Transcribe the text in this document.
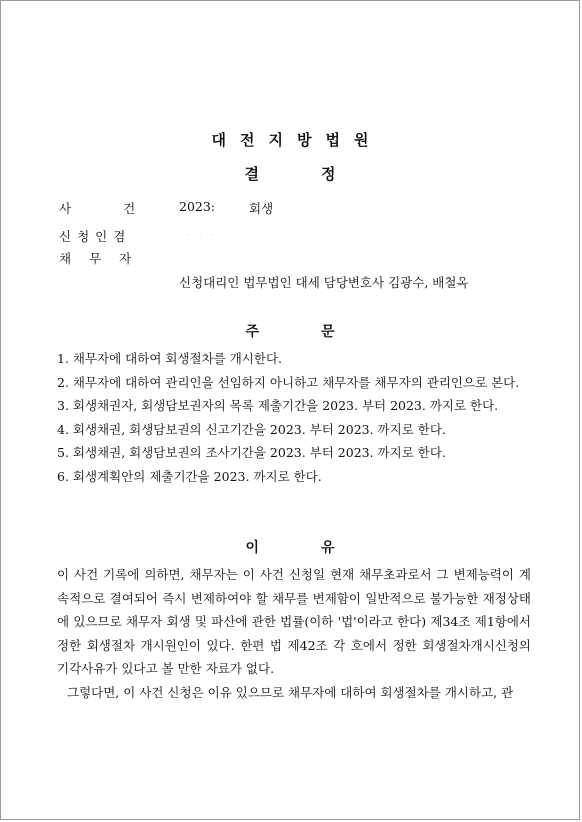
대전지방법원
결	정
사	건	2023:	회생
신청인겸	· · ·
채 무 자
신청대리인 법무법인 대세 담당변호사 김광수, 배철옥
주	문
1. 채무자에 대하여 회생절차를 개시한다.
2. 채무자에 대하여 관리인을 선임하지 아니하고 채무자를 채무자의 관리인으로 본다.
3. 회생채권자, 회생담보권자의 목록 제출기간을 2023. 부터 2023. 까지로 한다.
4. 회생채권, 회생담보권의 신고기간을 2023. 부터 2023. 까지로 한다.
5. 회생채권, 회생담보권의 조사기간을 2023. 부터 2023. 까지로 한다.
6. 회생계획안의 제출기간을 2023. 까지로 한다.
이	유

이 사건 기록에 의하면, 채무자는 이 사건 신청일 현재 채무초과로서 그 변제능력이 계속적으로 결여되어 즉시 변제하여야 할 채무를 변제함이 일반적으로 불가능한 재정상태에 있으므로 채무자 회생 및 파산에 관한 법률(이하 '법'이라고 한다) 제34조 제1항에서 정한 회생절차 개시원인이 있다. 한편 법 제42조 각 호에서 정한 회생절차개시신청의 기각사유가 있다고 볼 만한 자료가 없다.

그렇다면, 이 사건 신청은 이유 있으므로 채무자에 대하여 회생절차를 개시하고, 관
